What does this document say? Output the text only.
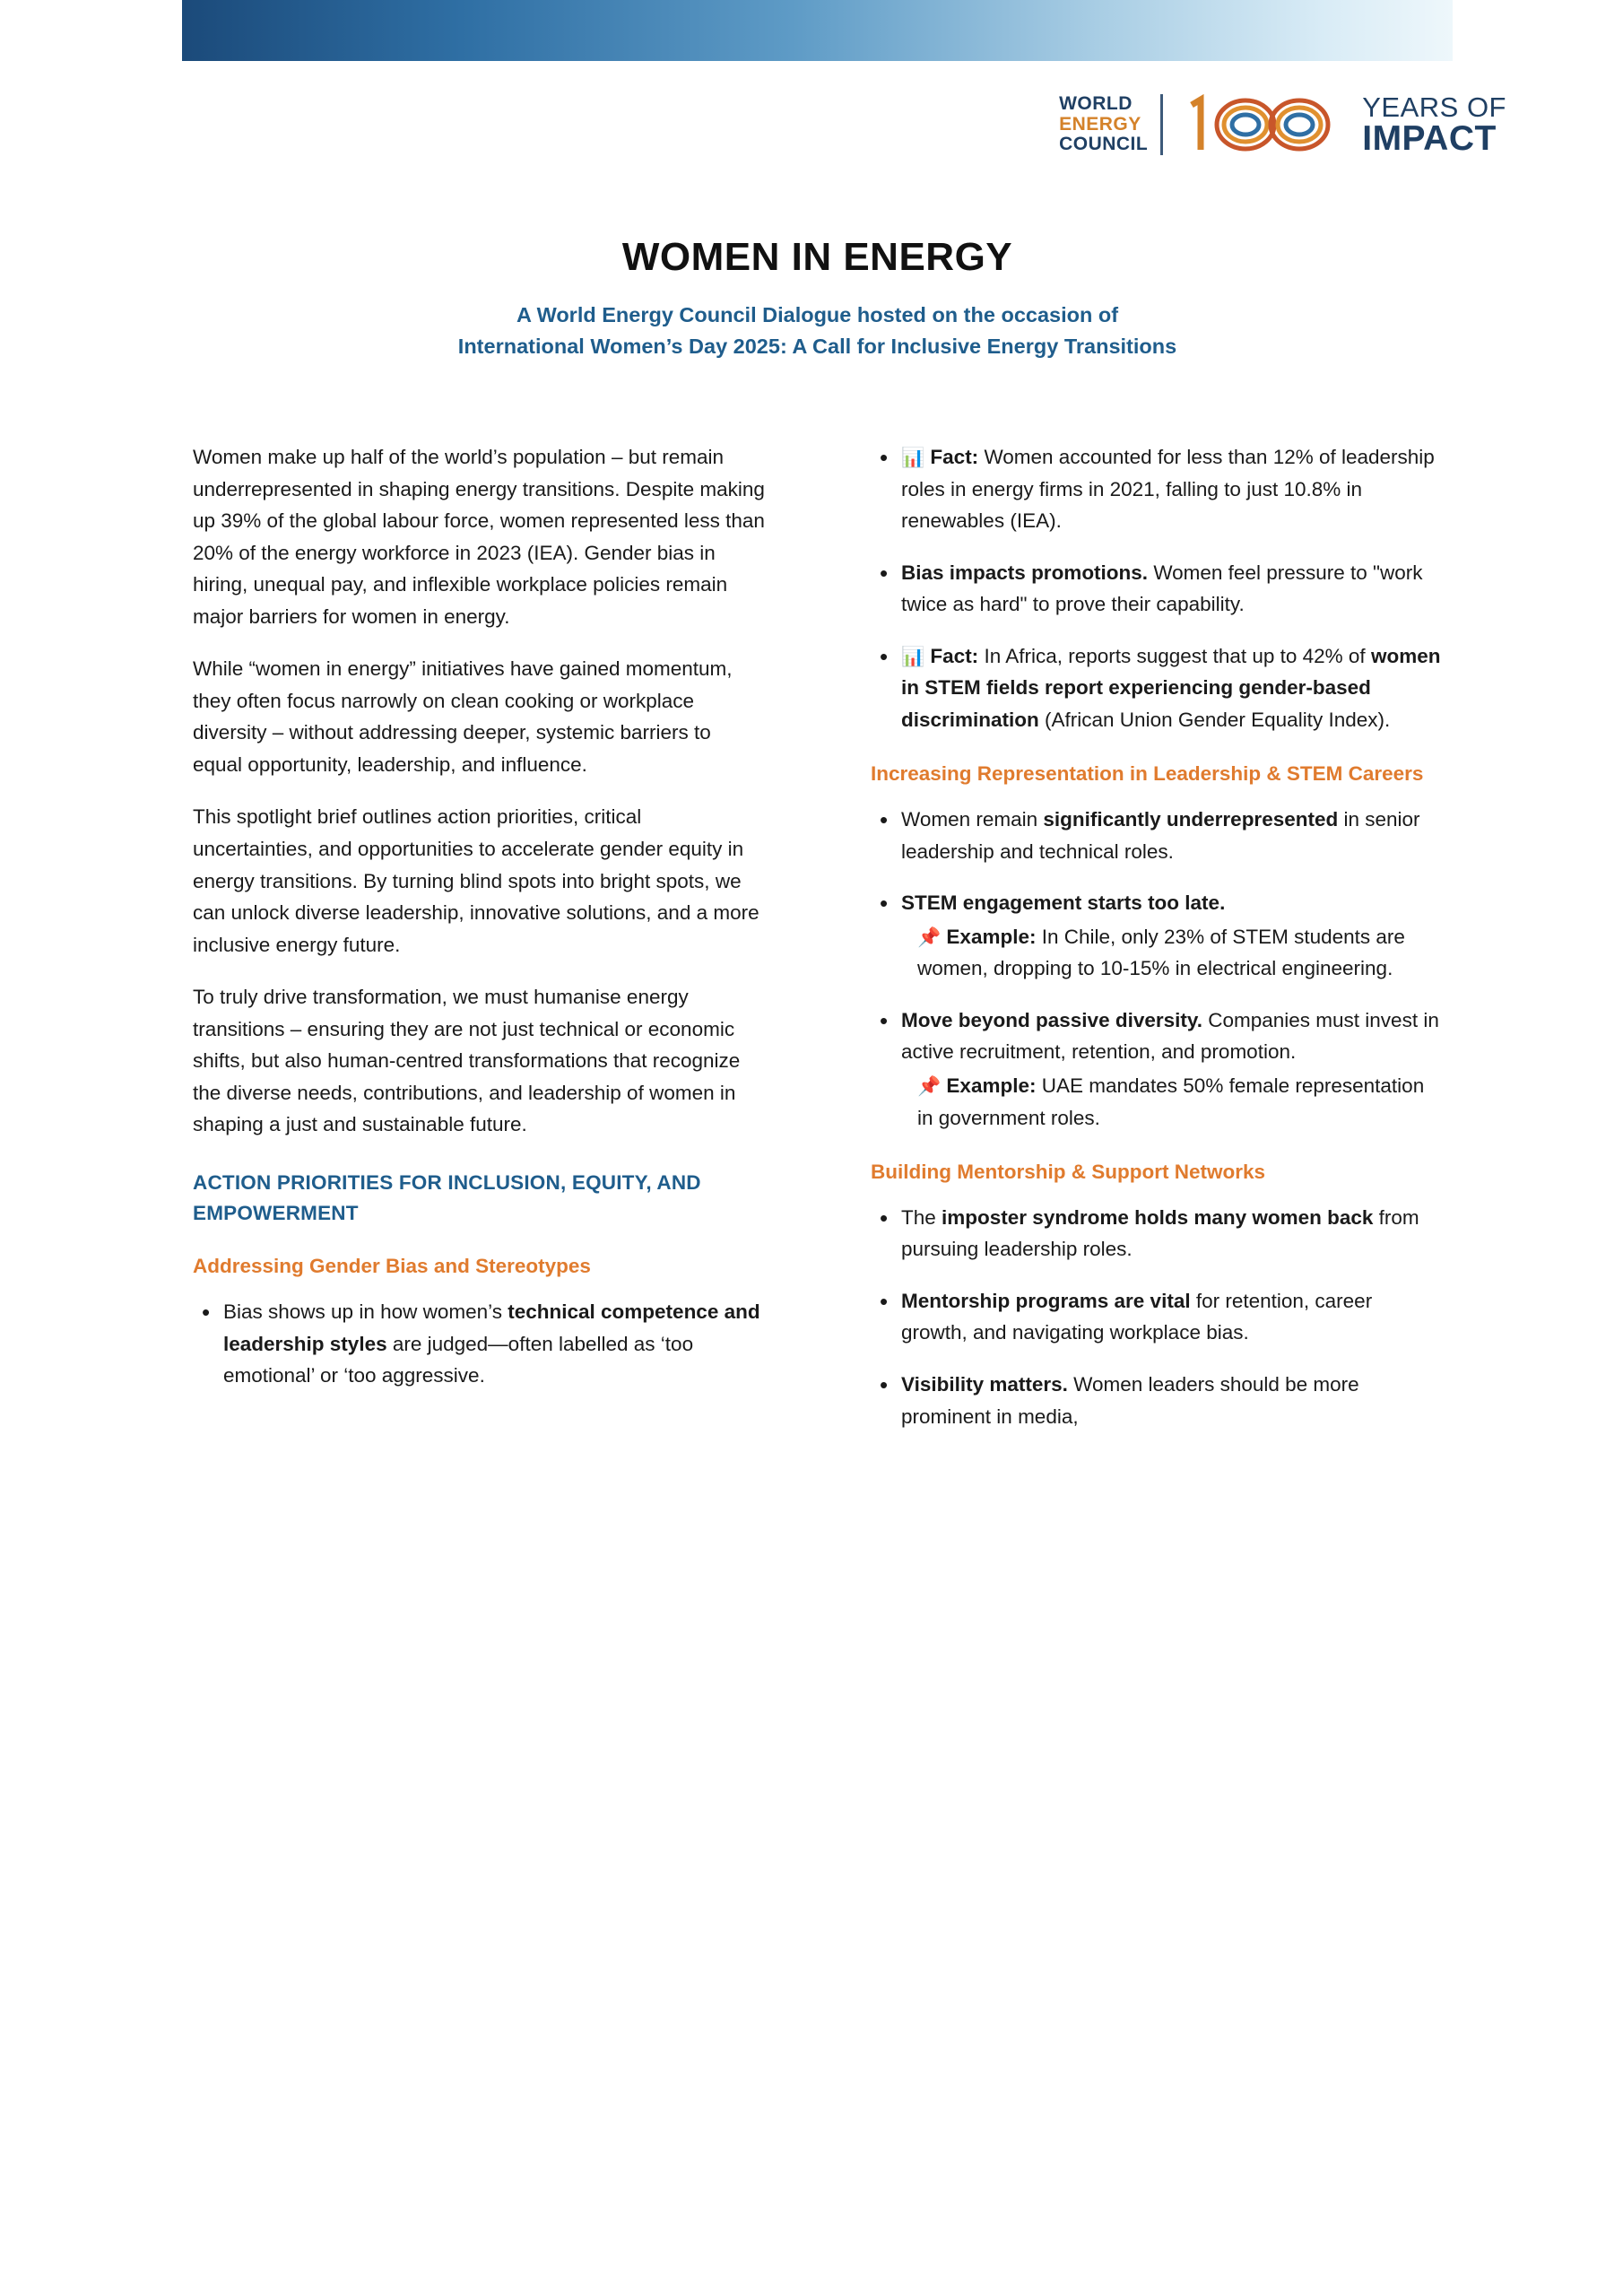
WORLD
ENERGY
COUNCIL
YEARS OF
IMPACT
WOMEN IN ENERGY
A World Energy Council Dialogue hosted on the occasion of
International Women’s Day 2025: A Call for Inclusive Energy Transitions

Women make up half of the world’s population – but remain underrepresented in shaping energy transitions. Despite making up 39% of the global labour force, women represented less than 20% of the energy workforce in 2023 (IEA). Gender bias in hiring, unequal pay, and inflexible workplace policies remain major barriers for women in energy.

While “women in energy” initiatives have gained momentum, they often focus narrowly on clean cooking or workplace diversity – without addressing deeper, systemic barriers to equal opportunity, leadership, and influence.

This spotlight brief outlines action priorities, critical uncertainties, and opportunities to accelerate gender equity in energy transitions. By turning blind spots into bright spots, we can unlock diverse leadership, innovative solutions, and a more inclusive energy future.

To truly drive transformation, we must humanise energy transitions – ensuring they are not just technical or economic shifts, but also human-centred transformations that recognize the diverse needs, contributions, and leadership of women in shaping a just and sustainable future.

ACTION PRIORITIES FOR INCLUSION, EQUITY, AND EMPOWERMENT
Addressing Gender Bias and Stereotypes
• Bias shows up in how women’s technical competence and leadership styles are judged—often labelled as ‘too emotional’ or ‘too aggressive.
• 📊 Fact: Women accounted for less than 12% of leadership roles in energy firms in 2021, falling to just 10.8% in renewables (IEA).
• Bias impacts promotions. Women feel pressure to "work twice as hard" to prove their capability.
• 📊 Fact: In Africa, reports suggest that up to 42% of women in STEM fields report experiencing gender-based discrimination (African Union Gender Equality Index).
Increasing Representation in Leadership & STEM Careers
• Women remain significantly underrepresented in senior leadership and technical roles.
• STEM engagement starts too late.
📌 Example: In Chile, only 23% of STEM students are women, dropping to 10-15% in electrical engineering.
• Move beyond passive diversity. Companies must invest in active recruitment, retention, and promotion.
📌 Example: UAE mandates 50% female representation in government roles.
Building Mentorship & Support Networks
• The imposter syndrome holds many women back from pursuing leadership roles.
• Mentorship programs are vital for retention, career growth, and navigating workplace bias.
• Visibility matters. Women leaders should be more prominent in media,
